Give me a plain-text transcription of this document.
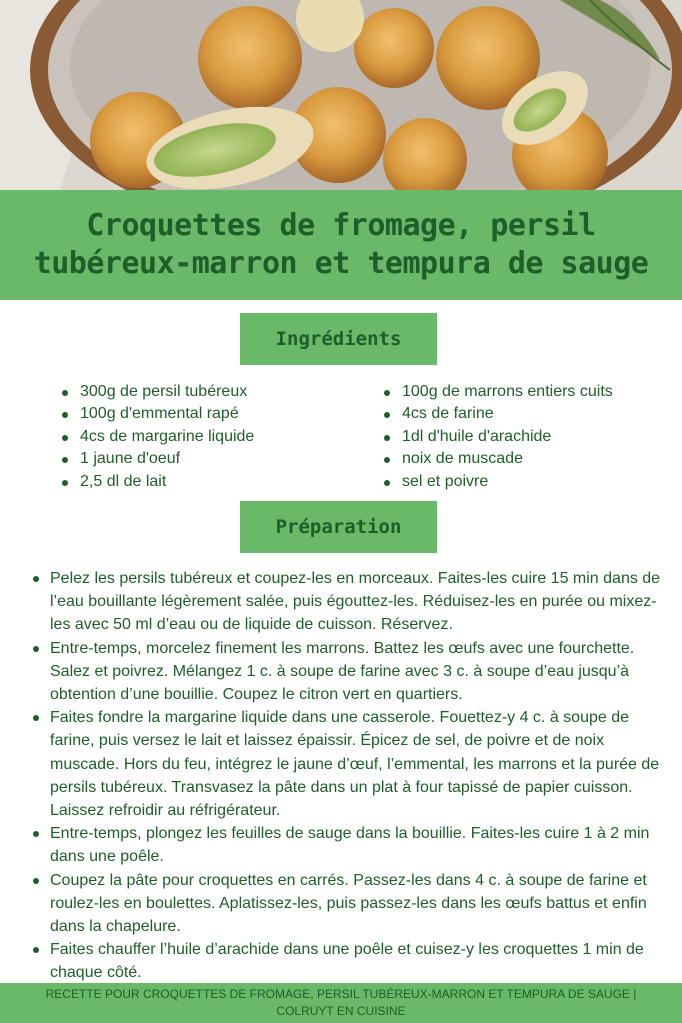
Croquettes de fromage, persil
tubéreux-marron et tempura de sauge
Ingrédients
300g de persil tubéreux
100g d'emmental rapé
4cs de margarine liquide
1 jaune d'oeuf
2,5 dl de lait
100g de marrons entiers cuits
4cs de farine
1dl d'huile d'arachide
noix de muscade
sel et poivre
Préparation
Pelez les persils tubéreux et coupez-les en morceaux. Faites-les cuire 15 min dans de l’eau bouillante légèrement salée, puis égouttez-les. Réduisez-les en purée ou mixez-les avec 50 ml d’eau ou de liquide de cuisson. Réservez.
Entre-temps, morcelez finement les marrons. Battez les œufs avec une fourchette. Salez et poivrez. Mélangez 1 c. à soupe de farine avec 3 c. à soupe d’eau jusqu’à obtention d’une bouillie. Coupez le citron vert en quartiers.
Faites fondre la margarine liquide dans une casserole. Fouettez-y 4 c. à soupe de farine, puis versez le lait et laissez épaissir. Épicez de sel, de poivre et de noix muscade. Hors du feu, intégrez le jaune d’œuf, l’emmental, les marrons et la purée de persils tubéreux. Transvasez la pâte dans un plat à four tapissé de papier cuisson. Laissez refroidir au réfrigérateur.
Entre-temps, plongez les feuilles de sauge dans la bouillie. Faites-les cuire 1 à 2 min dans une poêle.
Coupez la pâte pour croquettes en carrés. Passez-les dans 4 c. à soupe de farine et roulez-les en boulettes. Aplatissez-les, puis passez-les dans les œufs battus et enfin dans la chapelure.
Faites chauffer l’huile d’arachide dans une poêle et cuisez-y les croquettes 1 min de chaque côté.
RECETTE POUR CROQUETTES DE FROMAGE, PERSIL TUBÉREUX-MARRON ET TEMPURA DE SAUGE | COLRUYT EN CUISINE
